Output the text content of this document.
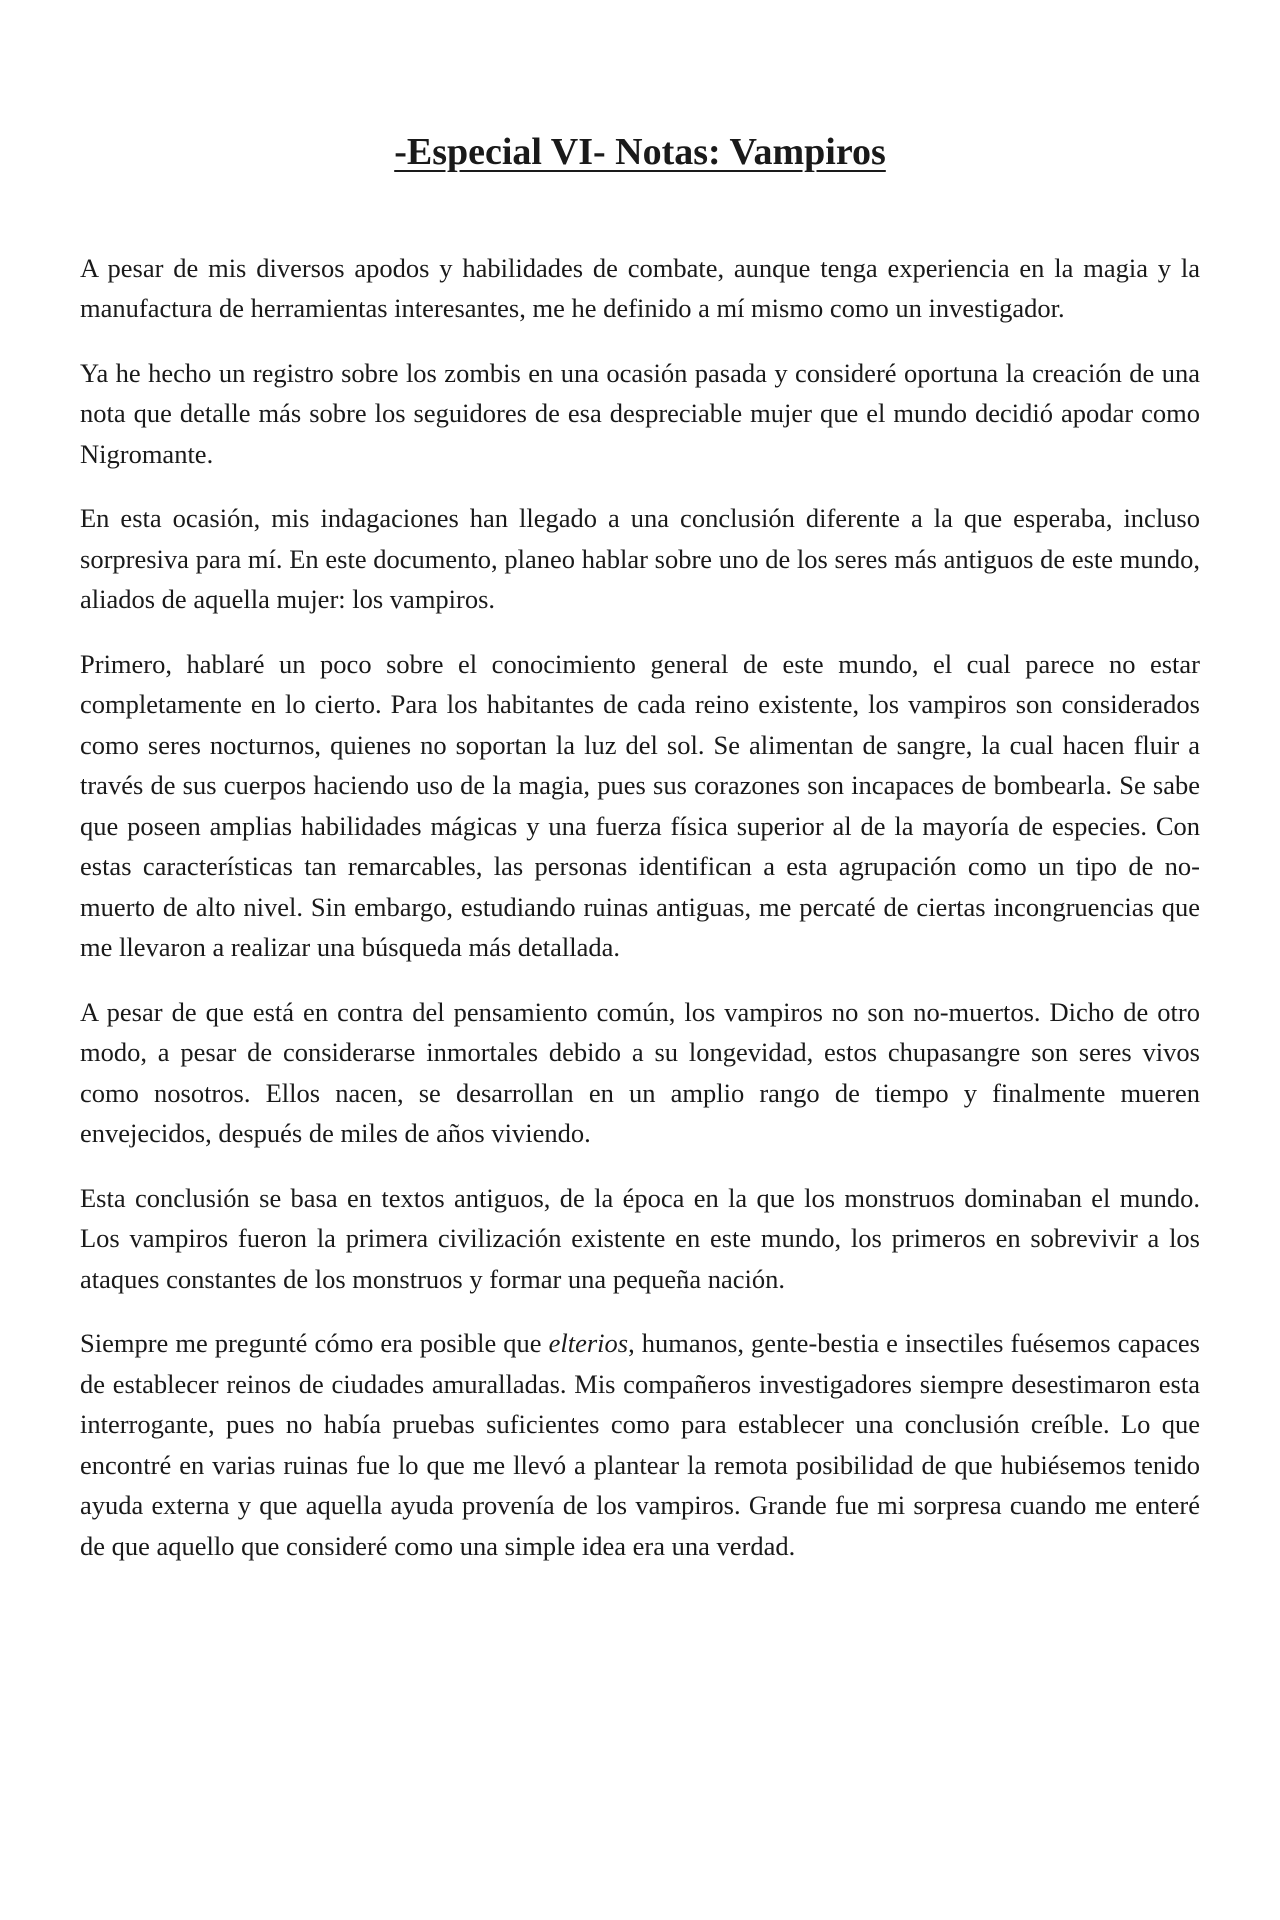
-Especial VI- Notas: Vampiros

A pesar de mis diversos apodos y habilidades de combate, aunque tenga experiencia en la magia y la manufactura de herramientas interesantes, me he definido a mí mismo como un investigador.

Ya he hecho un registro sobre los zombis en una ocasión pasada y consideré oportuna la creación de una nota que detalle más sobre los seguidores de esa despreciable mujer que el mundo decidió apodar como Nigromante.

En esta ocasión, mis indagaciones han llegado a una conclusión diferente a la que esperaba, incluso sorpresiva para mí. En este documento, planeo hablar sobre uno de los seres más antiguos de este mundo, aliados de aquella mujer: los vampiros.

Primero, hablaré un poco sobre el conocimiento general de este mundo, el cual parece no estar completamente en lo cierto. Para los habitantes de cada reino existente, los vampiros son considerados como seres nocturnos, quienes no soportan la luz del sol. Se alimentan de sangre, la cual hacen fluir a través de sus cuerpos haciendo uso de la magia, pues sus corazones son incapaces de bombearla. Se sabe que poseen amplias habilidades mágicas y una fuerza física superior al de la mayoría de especies. Con estas características tan remarcables, las personas identifican a esta agrupación como un tipo de no-muerto de alto nivel. Sin embargo, estudiando ruinas antiguas, me percaté de ciertas incongruencias que me llevaron a realizar una búsqueda más detallada.

A pesar de que está en contra del pensamiento común, los vampiros no son no-muertos. Dicho de otro modo, a pesar de considerarse inmortales debido a su longevidad, estos chupasangre son seres vivos como nosotros. Ellos nacen, se desarrollan en un amplio rango de tiempo y finalmente mueren envejecidos, después de miles de años viviendo.

Esta conclusión se basa en textos antiguos, de la época en la que los monstruos dominaban el mundo. Los vampiros fueron la primera civilización existente en este mundo, los primeros en sobrevivir a los ataques constantes de los monstruos y formar una pequeña nación.

Siempre me pregunté cómo era posible que elterios, humanos, gente-bestia e insectiles fuésemos capaces de establecer reinos de ciudades amuralladas. Mis compañeros investigadores siempre desestimaron esta interrogante, pues no había pruebas suficientes como para establecer una conclusión creíble. Lo que encontré en varias ruinas fue lo que me llevó a plantear la remota posibilidad de que hubiésemos tenido ayuda externa y que aquella ayuda provenía de los vampiros. Grande fue mi sorpresa cuando me enteré de que aquello que consideré como una simple idea era una verdad.
